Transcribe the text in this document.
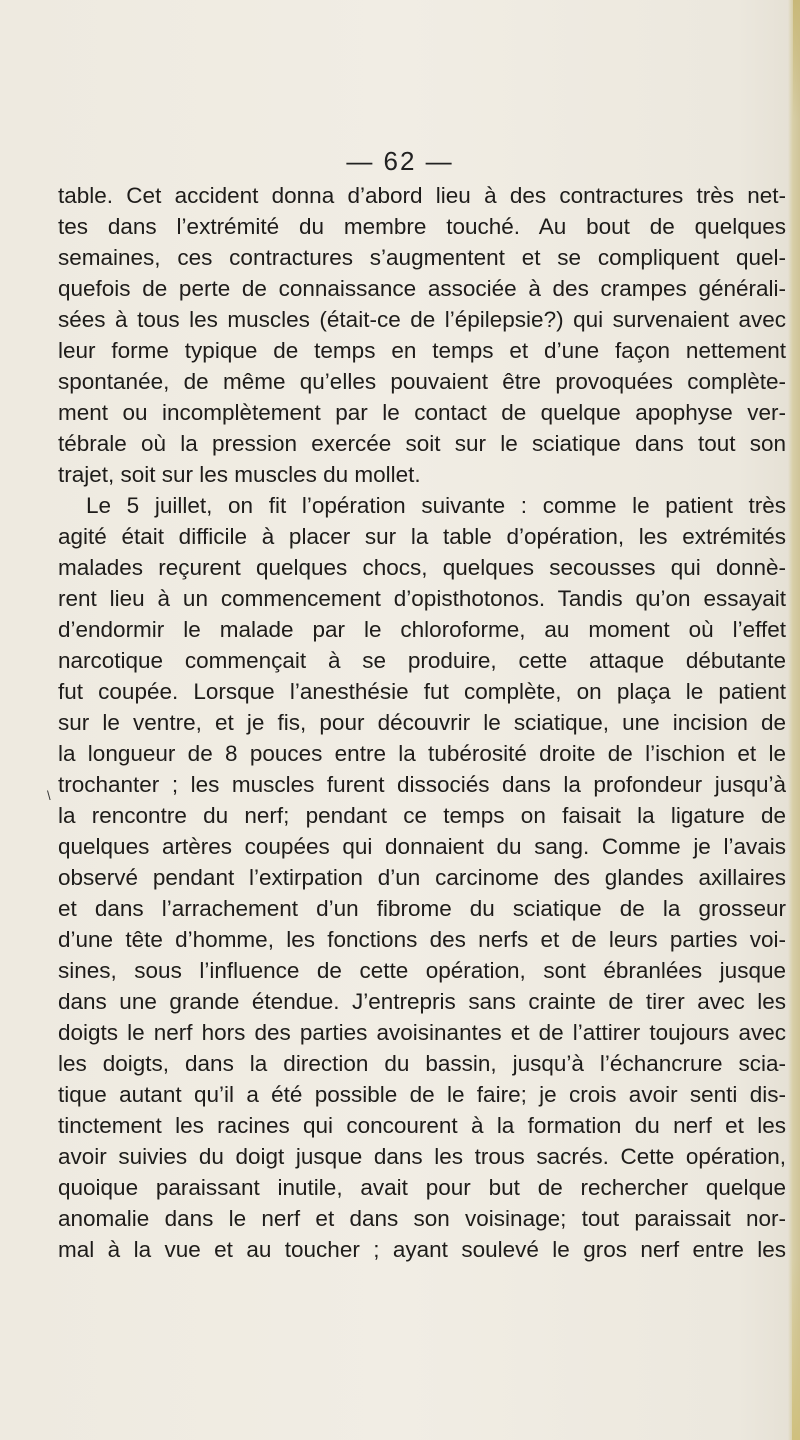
— 62 —
\
table. Cet accident donna d’abord lieu à des contractures très net-
tes dans l’extrémité du membre touché. Au bout de quelques
semaines, ces contractures s’augmentent et se compliquent quel-
quefois de perte de connaissance associée à des crampes générali-
sées à tous les muscles (était-ce de l’épilepsie?) qui survenaient avec
leur forme typique de temps en temps et d’une façon nettement
spontanée, de même qu’elles pouvaient être provoquées complète-
ment ou incomplètement par le contact de quelque apophyse ver-
tébrale où la pression exercée soit sur le sciatique dans tout son
trajet, soit sur les muscles du mollet.
Le 5 juillet, on fit l’opération suivante : comme le patient très
agité était difficile à placer sur la table d’opération, les extrémités
malades reçurent quelques chocs, quelques secousses qui donnè-
rent lieu à un commencement d’opisthotonos. Tandis qu’on essayait
d’endormir le malade par le chloroforme, au moment où l’effet
narcotique commençait à se produire, cette attaque débutante
fut coupée. Lorsque l’anesthésie fut complète, on plaça le patient
sur le ventre, et je fis, pour découvrir le sciatique, une incision de
la longueur de 8 pouces entre la tubérosité droite de l’ischion et le
trochanter ; les muscles furent dissociés dans la profondeur jusqu’à
la rencontre du nerf; pendant ce temps on faisait la ligature de
quelques artères coupées qui donnaient du sang. Comme je l’avais
observé pendant l’extirpation d’un carcinome des glandes axillaires
et dans l’arrachement d’un fibrome du sciatique de la grosseur
d’une tête d’homme, les fonctions des nerfs et de leurs parties voi-
sines, sous l’influence de cette opération, sont ébranlées jusque
dans une grande étendue. J’entrepris sans crainte de tirer avec les
doigts le nerf hors des parties avoisinantes et de l’attirer toujours avec
les doigts, dans la direction du bassin, jusqu’à l’échancrure scia-
tique autant qu’il a été possible de le faire; je crois avoir senti dis-
tinctement les racines qui concourent à la formation du nerf et les
avoir suivies du doigt jusque dans les trous sacrés. Cette opération,
quoique paraissant inutile, avait pour but de rechercher quelque
anomalie dans le nerf et dans son voisinage; tout paraissait nor-
mal à la vue et au toucher ; ayant soulevé le gros nerf entre les
